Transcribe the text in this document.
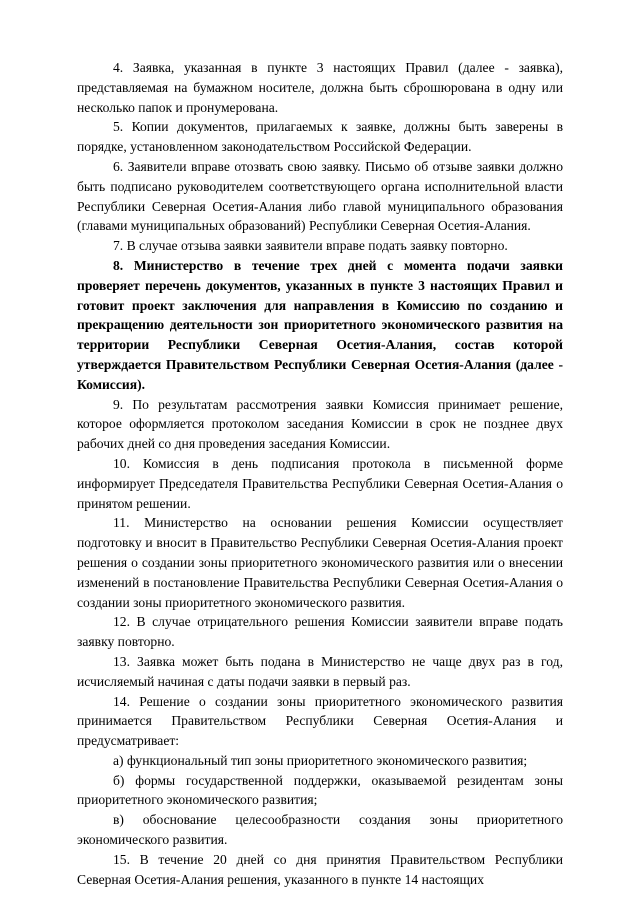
4. Заявка, указанная в пункте 3 настоящих Правил (далее - заявка), представляемая на бумажном носителе, должна быть сброшюрована в одну или несколько папок и пронумерована.

5. Копии документов, прилагаемых к заявке, должны быть заверены в порядке, установленном законодательством Российской Федерации.

6. Заявители вправе отозвать свою заявку. Письмо об отзыве заявки должно быть подписано руководителем соответствующего органа исполнительной власти Республики Северная Осетия-Алания либо главой муниципального образования (главами муниципальных образований) Республики Северная Осетия-Алания.

7. В случае отзыва заявки заявители вправе подать заявку повторно.

8. Министерство в течение трех дней с момента подачи заявки проверяет перечень документов, указанных в пункте 3 настоящих Правил и готовит проект заключения для направления в Комиссию по созданию и прекращению деятельности зон приоритетного экономического развития на территории Республики Северная Осетия-Алания, состав которой утверждается Правительством Республики Северная Осетия-Алания (далее - Комиссия).

9. По результатам рассмотрения заявки Комиссия принимает решение, которое оформляется протоколом заседания Комиссии в срок не позднее двух рабочих дней со дня проведения заседания Комиссии.

10. Комиссия в день подписания протокола в письменной форме информирует Председателя Правительства Республики Северная Осетия-Алания о принятом решении.

11. Министерство на основании решения Комиссии осуществляет подготовку и вносит в Правительство Республики Северная Осетия-Алания проект решения о создании зоны приоритетного экономического развития или о внесении изменений в постановление Правительства Республики Северная Осетия-Алания о создании зоны приоритетного экономического развития.

12. В случае отрицательного решения Комиссии заявители вправе подать заявку повторно.

13. Заявка может быть подана в Министерство не чаще двух раз в год, исчисляемый начиная с даты подачи заявки в первый раз.

14. Решение о создании зоны приоритетного экономического развития принимается Правительством Республики Северная Осетия-Алания и предусматривает:

а) функциональный тип зоны приоритетного экономического развития;

б) формы государственной поддержки, оказываемой резидентам зоны приоритетного экономического развития;

в) обоснование целесообразности создания зоны приоритетного экономического развития.

15. В течение 20 дней со дня принятия Правительством Республики Северная Осетия-Алания решения, указанного в пункте 14 настоящих
